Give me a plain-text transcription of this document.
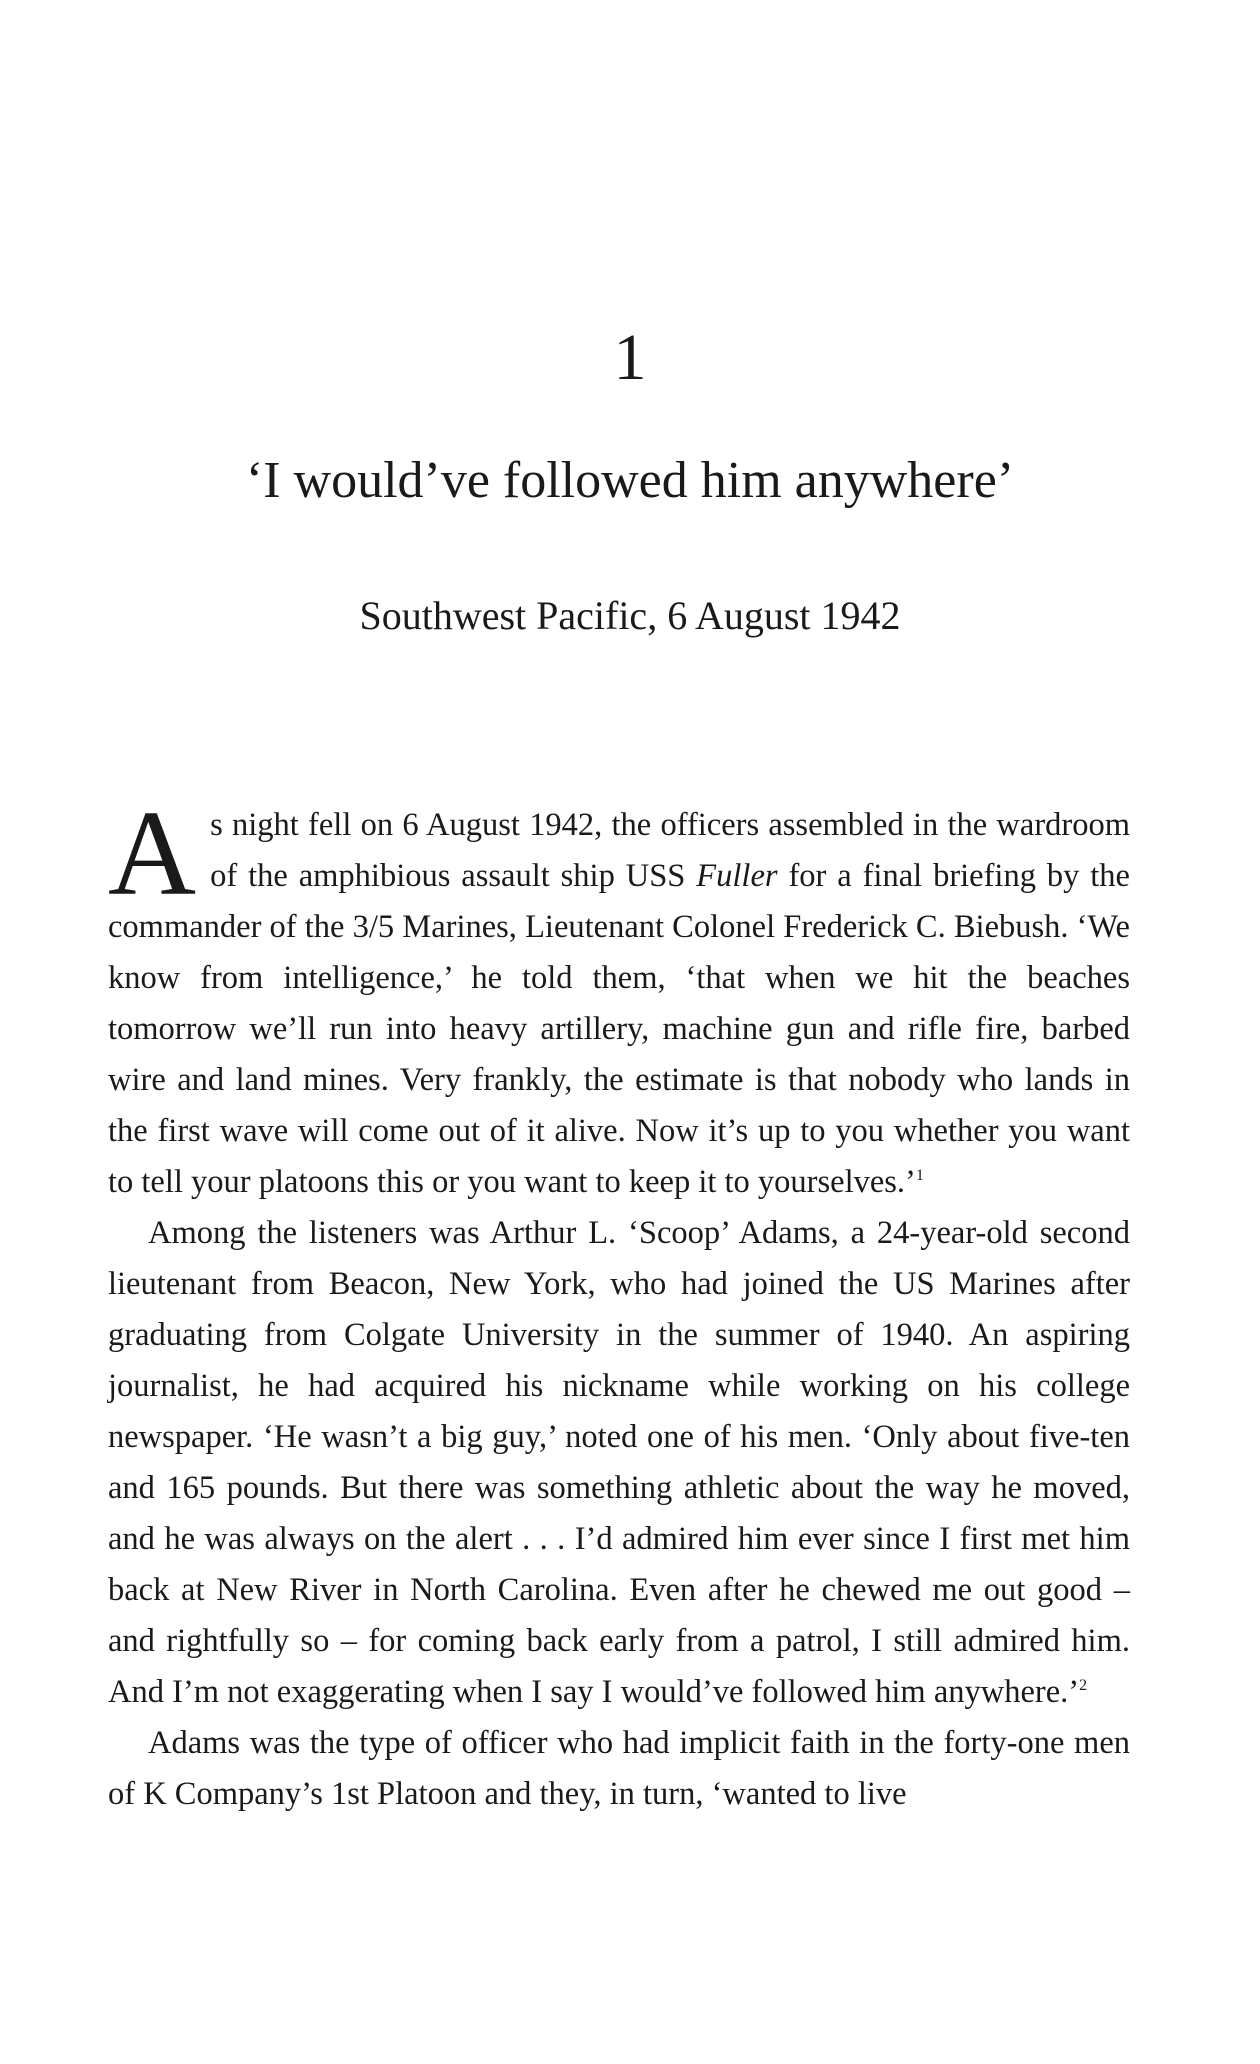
1
‘I would’ve followed him anywhere’
Southwest Pacific, 6 August 1942

As night fell on 6 August 1942, the officers assembled in the wardroom of the amphibious assault ship USS Fuller for a final briefing by the commander of the 3/5 Marines, Lieutenant Colonel Frederick C. Biebush. ‘We know from intelligence,’ he told them, ‘that when we hit the beaches tomorrow we’ll run into heavy artillery, machine gun and rifle fire, barbed wire and land mines. Very frankly, the estimate is that nobody who lands in the first wave will come out of it alive. Now it’s up to you whether you want to tell your platoons this or you want to keep it to yourselves.’$^1$

Among the listeners was Arthur L. ‘Scoop’ Adams, a 24-year-old second lieutenant from Beacon, New York, who had joined the US Marines after graduating from Colgate University in the summer of 1940. An aspiring journalist, he had acquired his nickname while working on his college newspaper. ‘He wasn’t a big guy,’ noted one of his men. ‘Only about five-ten and 165 pounds. But there was something athletic about the way he moved, and he was always on the alert . . . I’d admired him ever since I first met him back at New River in North Carolina. Even after he chewed me out good – and rightfully so – for coming back early from a patrol, I still admired him. And I’m not exaggerating when I say I would’ve followed him anywhere.’$^2$

Adams was the type of officer who had implicit faith in the forty-one men of K Company’s 1st Platoon and they, in turn, ‘wanted to live
